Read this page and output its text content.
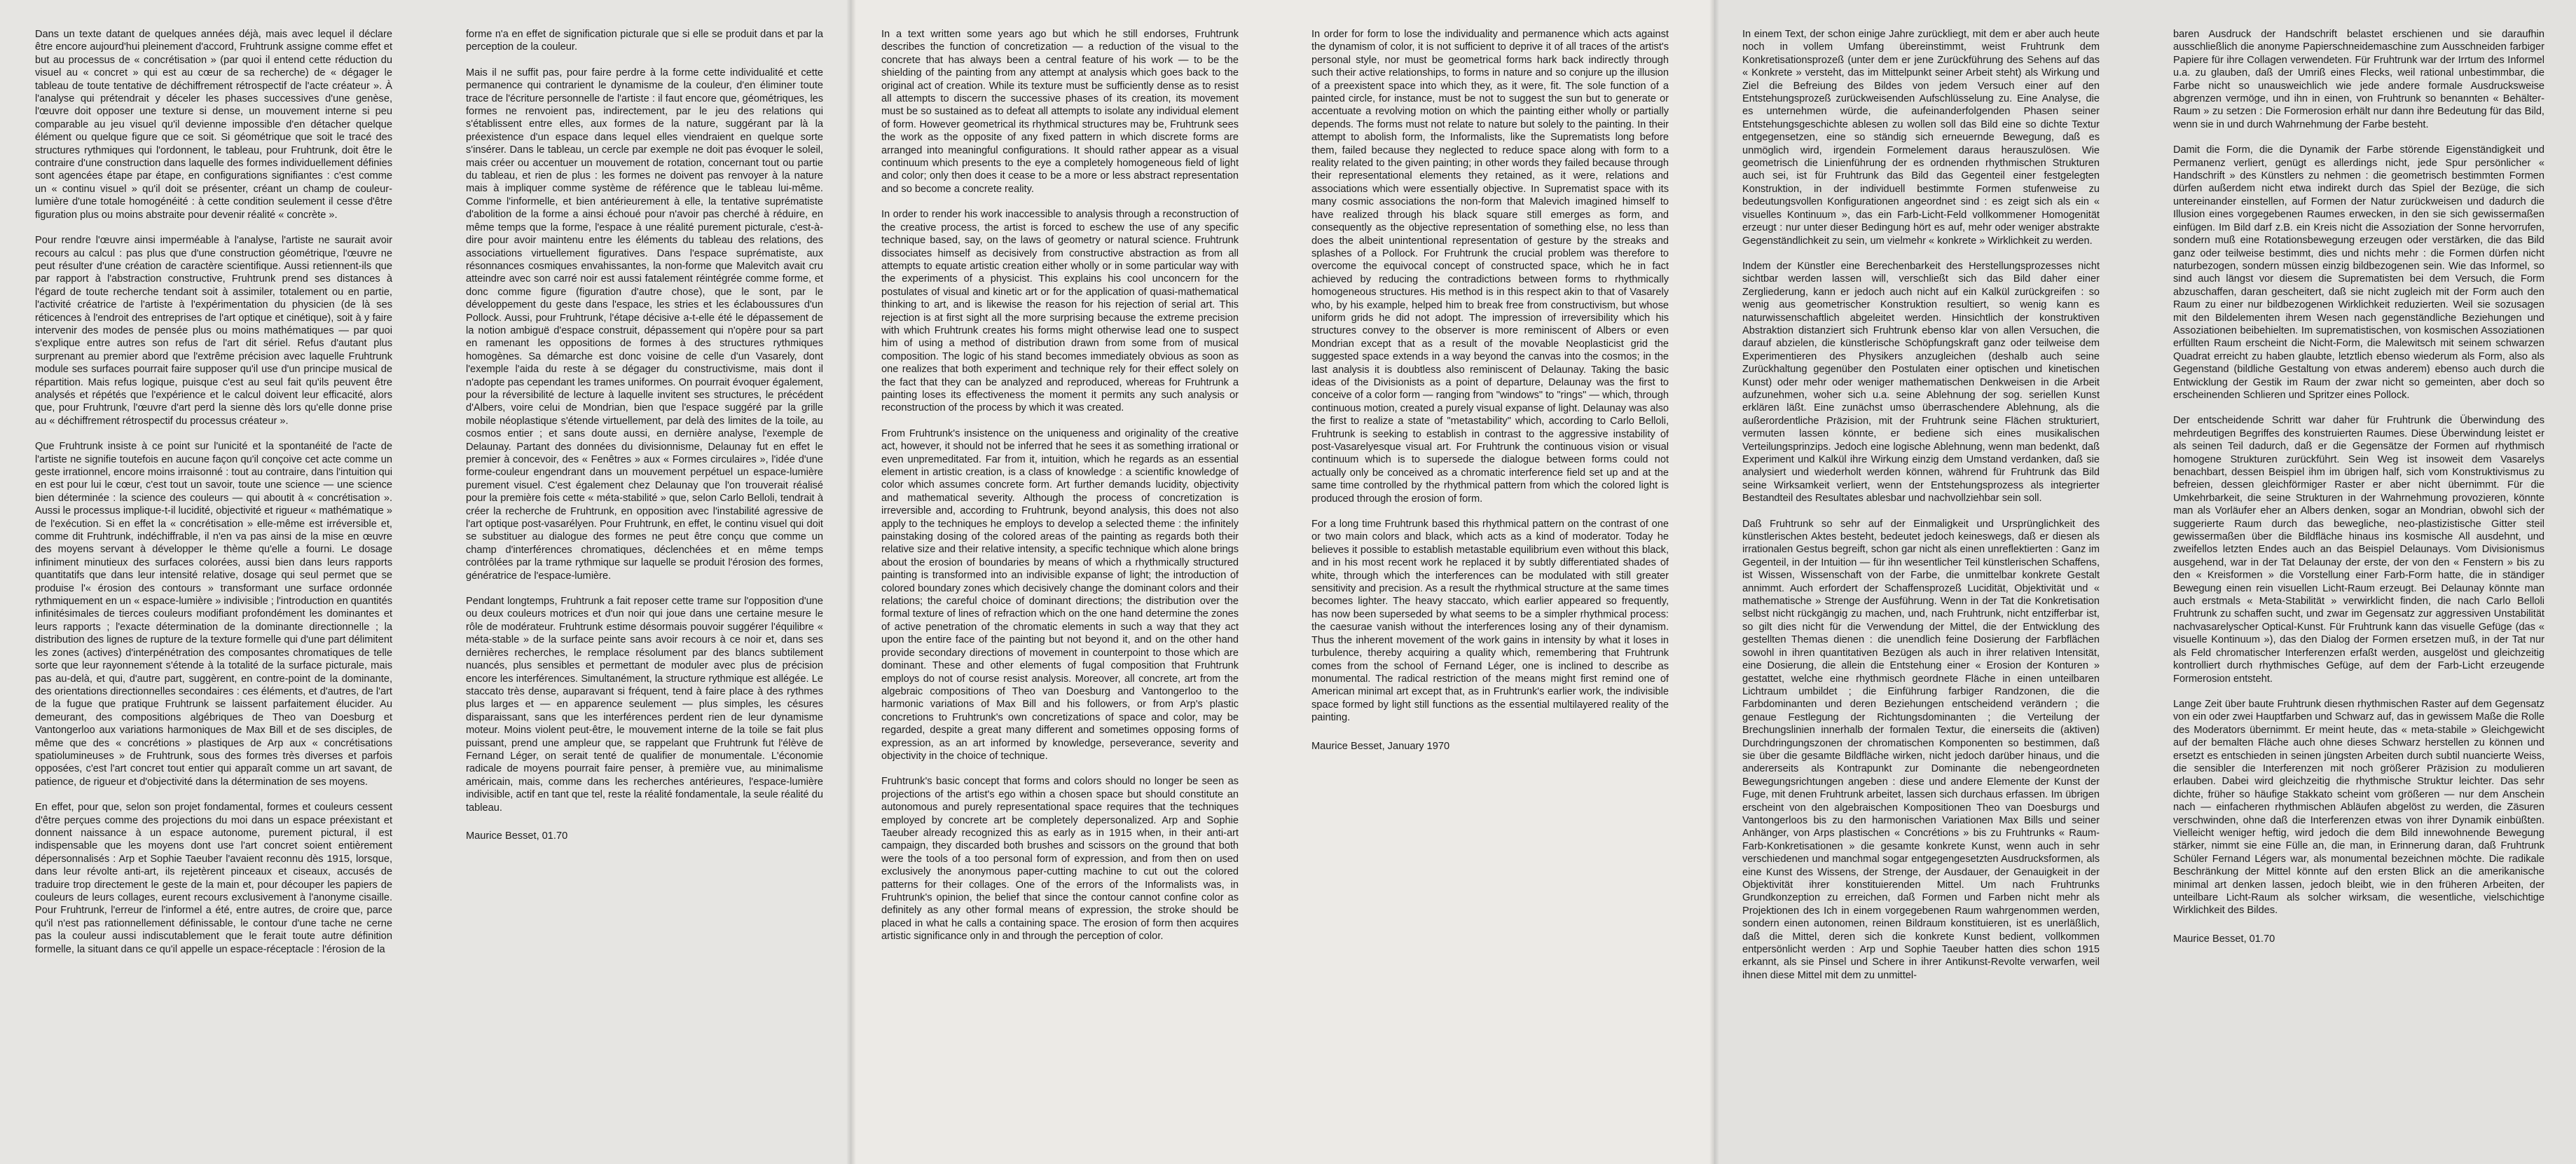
Dans un texte datant de quelques années déjà, mais avec lequel il déclare être encore aujourd'hui pleinement d'accord, Fruhtrunk assigne comme effet et but au processus de « concrétisation » (par quoi il entend cette réduction du visuel au « concret » qui est au cœur de sa recherche) de « dégager le tableau de toute tentative de déchiffrement rétrospectif de l'acte créateur ». À l'analyse qui prétendrait y déceler les phases successives d'une genèse, l'œuvre doit opposer une texture si dense, un mouvement interne si peu comparable au jeu visuel qu'il devienne impossible d'en détacher quelque élément ou quelque figure que ce soit. Si géométrique que soit le tracé des structures rythmiques qui l'ordonnent, le tableau, pour Fruhtrunk, doit être le contraire d'une construction dans laquelle des formes individuellement définies sont agencées étape par étape, en configurations signifiantes : c'est comme un « continu visuel » qu'il doit se présenter, créant un champ de couleur-lumière d'une totale homogénéité : à cette condition seulement il cesse d'être figuration plus ou moins abstraite pour devenir réalité « concrète ».

Pour rendre l'œuvre ainsi imperméable à l'analyse, l'artiste ne saurait avoir recours au calcul : pas plus que d'une construction géométrique, l'œuvre ne peut résulter d'une création de caractère scientifique. Aussi retiennent-ils que par rapport à l'abstraction constructive, Fruhtrunk prend ses distances à l'égard de toute recherche tendant soit à assimiler, totalement ou en partie, l'activité créatrice de l'artiste à l'expérimentation du physicien (de là ses réticences à l'endroit des entreprises de l'art optique et cinétique), soit à y faire intervenir des modes de pensée plus ou moins mathématiques — par quoi s'explique entre autres son refus de l'art dit sériel. Refus d'autant plus surprenant au premier abord que l'extrême précision avec laquelle Fruhtrunk module ses surfaces pourrait faire supposer qu'il use d'un principe musical de répartition. Mais refus logique, puisque c'est au seul fait qu'ils peuvent être analysés et répétés que l'expérience et le calcul doivent leur efficacité, alors que, pour Fruhtrunk, l'œuvre d'art perd la sienne dès lors qu'elle donne prise au « déchiffrement rétrospectif du processus créateur ».

Que Fruhtrunk insiste à ce point sur l'unicité et la spontanéité de l'acte de l'artiste ne signifie toutefois en aucune façon qu'il conçoive cet acte comme un geste irrationnel, encore moins irraisonné : tout au contraire, dans l'intuition qui en est pour lui le cœur, c'est tout un savoir, toute une science — une science bien déterminée : la science des couleurs — qui aboutit à « concrétisation ». Aussi le processus implique-t-il lucidité, objectivité et rigueur « mathématique » de l'exécution. Si en effet la « concrétisation » elle-même est irréversible et, comme dit Fruhtrunk, indéchiffrable, il n'en va pas ainsi de la mise en œuvre des moyens servant à développer le thème qu'elle a fourni. Le dosage infiniment minutieux des surfaces colorées, aussi bien dans leurs rapports quantitatifs que dans leur intensité relative, dosage qui seul permet que se produise l'« érosion des contours » transformant une surface ordonnée rythmiquement en un « espace-lumière » indivisible ; l'introduction en quantités infinitésimales de tierces couleurs modifiant profondément les dominantes et leurs rapports ; l'exacte détermination de la dominante directionnelle ; la distribution des lignes de rupture de la texture formelle qui d'une part délimitent les zones (actives) d'interpénétration des composantes chromatiques de telle sorte que leur rayonnement s'étende à la totalité de la surface picturale, mais pas au-delà, et qui, d'autre part, suggèrent, en contre-point de la dominante, des orientations directionnelles secondaires : ces éléments, et d'autres, de l'art de la fugue que pratique Fruhtrunk se laissent parfaitement élucider. Au demeurant, des compositions algébriques de Theo van Doesburg et Vantongerloo aux variations harmoniques de Max Bill et de ses disciples, de même que des « concrétions » plastiques de Arp aux « concrétisations spatiolumineuses » de Fruhtrunk, sous des formes très diverses et parfois opposées, c'est l'art concret tout entier qui apparaît comme un art savant, de patience, de rigueur et d'objectivité dans la détermination de ses moyens.

En effet, pour que, selon son projet fondamental, formes et couleurs cessent d'être perçues comme des projections du moi dans un espace préexistant et donnent naissance à un espace autonome, purement pictural, il est indispensable que les moyens dont use l'art concret soient entièrement dépersonnalisés : Arp et Sophie Taeuber l'avaient reconnu dès 1915, lorsque, dans leur révolte anti-art, ils rejetèrent pinceaux et ciseaux, accusés de traduire trop directement le geste de la main et, pour découper les papiers de couleurs de leurs collages, eurent recours exclusivement à l'anonyme cisaille. Pour Fruhtrunk, l'erreur de l'informel a été, entre autres, de croire que, parce qu'il n'est pas rationnellement définissable, le contour d'une tache ne cerne pas la couleur aussi indiscutablement que le ferait toute autre définition formelle, la situant dans ce qu'il appelle un espace-réceptacle : l'érosion de la

forme n'a en effet de signification picturale que si elle se produit dans et par la perception de la couleur.

Mais il ne suffit pas, pour faire perdre à la forme cette individualité et cette permanence qui contrarient le dynamisme de la couleur, d'en éliminer toute trace de l'écriture personnelle de l'artiste : il faut encore que, géométriques, les formes ne renvoient pas, indirectement, par le jeu des relations qui s'établissent entre elles, aux formes de la nature, suggérant par là la préexistence d'un espace dans lequel elles viendraient en quelque sorte s'insérer. Dans le tableau, un cercle par exemple ne doit pas évoquer le soleil, mais créer ou accentuer un mouvement de rotation, concernant tout ou partie du tableau, et rien de plus : les formes ne doivent pas renvoyer à la nature mais à impliquer comme système de référence que le tableau lui-même. Comme l'informelle, et bien antérieurement à elle, la tentative suprématiste d'abolition de la forme a ainsi échoué pour n'avoir pas cherché à réduire, en même temps que la forme, l'espace à une réalité purement picturale, c'est-à-dire pour avoir maintenu entre les éléments du tableau des relations, des associations virtuellement figuratives. Dans l'espace suprématiste, aux résonnances cosmiques envahissantes, la non-forme que Malevitch avait cru atteindre avec son carré noir est aussi fatalement réintégrée comme forme, et donc comme figure (figuration d'autre chose), que le sont, par le développement du geste dans l'espace, les stries et les éclaboussures d'un Pollock. Aussi, pour Fruhtrunk, l'étape décisive a-t-elle été le dépassement de la notion ambiguë d'espace construit, dépassement qui n'opère pour sa part en ramenant les oppositions de formes à des structures rythmiques homogènes. Sa démarche est donc voisine de celle d'un Vasarely, dont l'exemple l'aida du reste à se dégager du constructivisme, mais dont il n'adopte pas cependant les trames uniformes. On pourrait évoquer également, pour la réversibilité de lecture à laquelle invitent ses structures, le précédent d'Albers, voire celui de Mondrian, bien que l'espace suggéré par la grille mobile néoplastique s'étende virtuellement, par delà des limites de la toile, au cosmos entier ; et sans doute aussi, en dernière analyse, l'exemple de Delaunay. Partant des données du divisionnisme, Delaunay fut en effet le premier à concevoir, des « Fenêtres » aux « Formes circulaires », l'idée d'une forme-couleur engendrant dans un mouvement perpétuel un espace-lumière purement visuel. C'est également chez Delaunay que l'on trouverait réalisé pour la première fois cette « méta-stabilité » que, selon Carlo Belloli, tendrait à créer la recherche de Fruhtrunk, en opposition avec l'instabilité agressive de l'art optique post-vasarélyen. Pour Fruhtrunk, en effet, le continu visuel qui doit se substituer au dialogue des formes ne peut être conçu que comme un champ d'interférences chromatiques, déclenchées et en même temps contrôlées par la trame rythmique sur laquelle se produit l'érosion des formes, génératrice de l'espace-lumière.

Pendant longtemps, Fruhtrunk a fait reposer cette trame sur l'opposition d'une ou deux couleurs motrices et d'un noir qui joue dans une certaine mesure le rôle de modérateur. Fruhtrunk estime désormais pouvoir suggérer l'équilibre « méta-stable » de la surface peinte sans avoir recours à ce noir et, dans ses dernières recherches, le remplace résolument par des blancs subtilement nuancés, plus sensibles et permettant de moduler avec plus de précision encore les interférences. Simultanément, la structure rythmique est allégée. Le staccato très dense, auparavant si fréquent, tend à faire place à des rythmes plus larges et — en apparence seulement — plus simples, les césures disparaissant, sans que les interférences perdent rien de leur dynamisme moteur. Moins violent peut-être, le mouvement interne de la toile se fait plus puissant, prend une ampleur que, se rappelant que Fruhtrunk fut l'élève de Fernand Léger, on serait tenté de qualifier de monumentale. L'économie radicale de moyens pourrait faire penser, à première vue, au minimalisme américain, mais, comme dans les recherches antérieures, l'espace-lumière indivisible, actif en tant que tel, reste la réalité fondamentale, la seule réalité du tableau.

Maurice Besset, 01.70

In a text written some years ago but which he still endorses, Fruhtrunk describes the function of concretization — a reduction of the visual to the concrete that has always been a central feature of his work — to be the shielding of the painting from any attempt at analysis which goes back to the original act of creation. While its texture must be sufficiently dense as to resist all attempts to discern the successive phases of its creation, its movement must be so sustained as to defeat all attempts to isolate any individual element of form. However geometrical its rhythmical structures may be, Fruhtrunk sees the work as the opposite of any fixed pattern in which discrete forms are arranged into meaningful configurations. It should rather appear as a visual continuum which presents to the eye a completely homogeneous field of light and color; only then does it cease to be a more or less abstract representation and so become a concrete reality.

In order to render his work inaccessible to analysis through a reconstruction of the creative process, the artist is forced to eschew the use of any specific technique based, say, on the laws of geometry or natural science. Fruhtrunk dissociates himself as decisively from constructive abstraction as from all attempts to equate artistic creation either wholly or in some particular way with the experiments of a physicist. This explains his cool unconcern for the postulates of visual and kinetic art or for the application of quasi-mathematical thinking to art, and is likewise the reason for his rejection of serial art. This rejection is at first sight all the more surprising because the extreme precision with which Fruhtrunk creates his forms might otherwise lead one to suspect him of using a method of distribution drawn from some from of musical composition. The logic of his stand becomes immediately obvious as soon as one realizes that both experiment and technique rely for their effect solely on the fact that they can be analyzed and reproduced, whereas for Fruhtrunk a painting loses its effectiveness the moment it permits any such analysis or reconstruction of the process by which it was created.

From Fruhtrunk's insistence on the uniqueness and originality of the creative act, however, it should not be inferred that he sees it as something irrational or even unpremeditated. Far from it, intuition, which he regards as an essential element in artistic creation, is a class of knowledge : a scientific knowledge of color which assumes concrete form. Art further demands lucidity, objectivity and mathematical severity. Although the process of concretization is irreversible and, according to Fruhtrunk, beyond analysis, this does not also apply to the techniques he employs to develop a selected theme : the infinitely painstaking dosing of the colored areas of the painting as regards both their relative size and their relative intensity, a specific technique which alone brings about the erosion of boundaries by means of which a rhythmically structured painting is transformed into an indivisible expanse of light; the introduction of colored boundary zones which decisively change the dominant colors and their relations; the careful choice of dominant directions; the distribution over the formal texture of lines of refraction which on the one hand determine the zones of active penetration of the chromatic elements in such a way that they act upon the entire face of the painting but not beyond it, and on the other hand provide secondary directions of movement in counterpoint to those which are dominant. These and other elements of fugal composition that Fruhtrunk employs do not of course resist analysis. Moreover, all concrete, art from the algebraic compositions of Theo van Doesburg and Vantongerloo to the harmonic variations of Max Bill and his followers, or from Arp's plastic concretions to Fruhtrunk's own concretizations of space and color, may be regarded, despite a great many different and sometimes opposing forms of expression, as an art informed by knowledge, perseverance, severity and objectivity in the choice of technique.

Fruhtrunk's basic concept that forms and colors should no longer be seen as projections of the artist's ego within a chosen space but should constitute an autonomous and purely representational space requires that the techniques employed by concrete art be completely depersonalized. Arp and Sophie Taeuber already recognized this as early as in 1915 when, in their anti-art campaign, they discarded both brushes and scissors on the ground that both were the tools of a too personal form of expression, and from then on used exclusively the anonymous paper-cutting machine to cut out the colored patterns for their collages. One of the errors of the Informalists was, in Fruhtrunk's opinion, the belief that since the contour cannot confine color as definitely as any other formal means of expression, the stroke should be placed in what he calls a containing space. The erosion of form then acquires artistic significance only in and through the perception of color.

In order for form to lose the individuality and permanence which acts against the dynamism of color, it is not sufficient to deprive it of all traces of the artist's personal style, nor must be geometrical forms hark back indirectly through such their active relationships, to forms in nature and so conjure up the illusion of a preexistent space into which they, as it were, fit. The sole function of a painted circle, for instance, must be not to suggest the sun but to generate or accentuate a revolving motion on which the painting either wholly or partially depends. The forms must not relate to nature but solely to the painting. In their attempt to abolish form, the Informalists, like the Suprematists long before them, failed because they neglected to reduce space along with form to a reality related to the given painting; in other words they failed because through their representational elements they retained, as it were, relations and associations which were essentially objective. In Suprematist space with its many cosmic associations the non-form that Malevich imagined himself to have realized through his black square still emerges as form, and consequently as the objective representation of something else, no less than does the albeit unintentional representation of gesture by the streaks and splashes of a Pollock. For Fruhtrunk the crucial problem was therefore to overcome the equivocal concept of constructed space, which he in fact achieved by reducing the contradictions between forms to rhythmically homogeneous structures. His method is in this respect akin to that of Vasarely who, by his example, helped him to break free from constructivism, but whose uniform grids he did not adopt. The impression of irreversibility which his structures convey to the observer is more reminiscent of Albers or even Mondrian except that as a result of the movable Neoplasticist grid the suggested space extends in a way beyond the canvas into the cosmos; in the last analysis it is doubtless also reminiscent of Delaunay. Taking the basic ideas of the Divisionists as a point of departure, Delaunay was the first to conceive of a color form — ranging from "windows" to "rings" — which, through continuous motion, created a purely visual expanse of light. Delaunay was also the first to realize a state of "metastability" which, according to Carlo Belloli, Fruhtrunk is seeking to establish in contrast to the aggressive instability of post-Vasarelyesque visual art. For Fruhtrunk the continuous vision or visual continuum which is to supersede the dialogue between forms could not actually only be conceived as a chromatic interference field set up and at the same time controlled by the rhythmical pattern from which the colored light is produced through the erosion of form.

For a long time Fruhtrunk based this rhythmical pattern on the contrast of one or two main colors and black, which acts as a kind of moderator. Today he believes it possible to establish metastable equilibrium even without this black, and in his most recent work he replaced it by subtly differentiated shades of white, through which the interferences can be modulated with still greater sensitivity and precision. As a result the rhythmical structure at the same times becomes lighter. The heavy staccato, which earlier appeared so frequently, has now been superseded by what seems to be a simpler rhythmical process: the caesurae vanish without the interferences losing any of their dynamism. Thus the inherent movement of the work gains in intensity by what it loses in turbulence, thereby acquiring a quality which, remembering that Fruhtrunk comes from the school of Fernand Léger, one is inclined to describe as monumental. The radical restriction of the means might first remind one of American minimal art except that, as in Fruhtrunk's earlier work, the indivisible space formed by light still functions as the essential multilayered reality of the painting.

Maurice Besset, January 1970

In einem Text, der schon einige Jahre zurückliegt, mit dem er aber auch heute noch in vollem Umfang übereinstimmt, weist Fruhtrunk dem Konkretisationsprozeß (unter dem er jene Zurückführung des Sehens auf das « Konkrete » versteht, das im Mittelpunkt seiner Arbeit steht) als Wirkung und Ziel die Befreiung des Bildes von jedem Versuch einer auf den Entstehungsprozeß zurückweisenden Aufschlüsselung zu. Eine Analyse, die es unternehmen würde, die aufeinanderfolgenden Phasen seiner Entstehungsgeschichte ablesen zu wollen soll das Bild eine so dichte Textur entgegensetzen, eine so ständig sich erneuernde Bewegung, daß es unmöglich wird, irgendein Formelement daraus herauszulösen. Wie geometrisch die Linienführung der es ordnenden rhythmischen Strukturen auch sei, ist für Fruhtrunk das Bild das Gegenteil einer festgelegten Konstruktion, in der individuell bestimmte Formen stufenweise zu bedeutungsvollen Konfigurationen angeordnet sind : es zeigt sich als ein « visuelles Kontinuum », das ein Farb-Licht-Feld vollkommener Homogenität erzeugt : nur unter dieser Bedingung hört es auf, mehr oder weniger abstrakte Gegenständlichkeit zu sein, um vielmehr « konkrete » Wirklichkeit zu werden.

Indem der Künstler eine Berechenbarkeit des Herstellungsprozesses nicht sichtbar werden lassen will, verschließt sich das Bild daher einer Zergliederung, kann er jedoch auch nicht auf ein Kalkül zurückgreifen : so wenig aus geometrischer Konstruktion resultiert, so wenig kann es naturwissenschaftlich abgeleitet werden. Hinsichtlich der konstruktiven Abstraktion distanziert sich Fruhtrunk ebenso klar von allen Versuchen, die darauf abzielen, die künstlerische Schöpfungskraft ganz oder teilweise dem Experimentieren des Physikers anzugleichen (deshalb auch seine Zurückhaltung gegenüber den Postulaten einer optischen und kinetischen Kunst) oder mehr oder weniger mathematischen Denkweisen in die Arbeit aufzunehmen, woher sich u.a. seine Ablehnung der sog. seriellen Kunst erklären läßt. Eine zunächst umso überraschendere Ablehnung, als die außerordentliche Präzision, mit der Fruhtrunk seine Flächen strukturiert, vermuten lassen könnte, er bediene sich eines musikalischen Verteilungsprinzips. Jedoch eine logische Ablehnung, wenn man bedenkt, daß Experiment und Kalkül ihre Wirkung einzig dem Umstand verdanken, daß sie analysiert und wiederholt werden können, während für Fruhtrunk das Bild seine Wirksamkeit verliert, wenn der Entstehungsprozess als integrierter Bestandteil des Resultates ablesbar und nachvollziehbar sein soll.

Daß Fruhtrunk so sehr auf der Einmaligkeit und Ursprünglichkeit des künstlerischen Aktes besteht, bedeutet jedoch keineswegs, daß er diesen als irrationalen Gestus begreift, schon gar nicht als einen unreflektierten : Ganz im Gegenteil, in der Intuition — für ihn wesentlicher Teil künstlerischen Schaffens, ist Wissen, Wissenschaft von der Farbe, die unmittelbar konkrete Gestalt annimmt. Auch erfordert der Schaffensprozeß Lucidität, Objektivität und « mathematische » Strenge der Ausführung. Wenn in der Tat die Konkretisation selbst nicht rückgängig zu machen, und, nach Fruhtrunk, nicht entzifferbar ist, so gilt dies nicht für die Verwendung der Mittel, die der Entwicklung des gestellten Themas dienen : die unendlich feine Dosierung der Farbflächen sowohl in ihren quantitativen Bezügen als auch in ihrer relativen Intensität, eine Dosierung, die allein die Entstehung einer « Erosion der Konturen » gestattet, welche eine rhythmisch geordnete Fläche in einen unteilbaren Lichtraum umbildet ; die Einführung farbiger Randzonen, die die Farbdominanten und deren Beziehungen entscheidend verändern ; die genaue Festlegung der Richtungsdominanten ; die Verteilung der Brechungslinien innerhalb der formalen Textur, die einerseits die (aktiven) Durchdringungszonen der chromatischen Komponenten so bestimmen, daß sie über die gesamte Bildfläche wirken, nicht jedoch darüber hinaus, und die andererseits als Kontrapunkt zur Dominante die nebengeordneten Bewegungsrichtungen angeben : diese und andere Elemente der Kunst der Fuge, mit denen Fruhtrunk arbeitet, lassen sich durchaus erfassen. Im übrigen erscheint von den algebraischen Kompositionen Theo van Doesburgs und Vantongerloos bis zu den harmonischen Variationen Max Bills und seiner Anhänger, von Arps plastischen « Concrétions » bis zu Fruhtrunks « Raum-Farb-Konkretisationen » die gesamte konkrete Kunst, wenn auch in sehr verschiedenen und manchmal sogar entgegengesetzten Ausdrucksformen, als eine Kunst des Wissens, der Strenge, der Ausdauer, der Genauigkeit in der Objektivität ihrer konstituierenden Mittel. Um nach Fruhtrunks Grundkonzeption zu erreichen, daß Formen und Farben nicht mehr als Projektionen des Ich in einem vorgegebenen Raum wahrgenommen werden, sondern einen autonomen, reinen Bildraum konstituieren, ist es unerläßlich, daß die Mittel, deren sich die konkrete Kunst bedient, vollkommen entpersönlicht werden : Arp und Sophie Taeuber hatten dies schon 1915 erkannt, als sie Pinsel und Schere in ihrer Antikunst-Revolte verwarfen, weil ihnen diese Mittel mit dem zu unmittel-

baren Ausdruck der Handschrift belastet erschienen und sie daraufhin ausschließlich die anonyme Papierschneidemaschine zum Ausschneiden farbiger Papiere für ihre Collagen verwendeten. Für Fruhtrunk war der Irrtum des Informel u.a. zu glauben, daß der Umriß eines Flecks, weil rational unbestimmbar, die Farbe nicht so unausweichlich wie jede andere formale Ausdrucksweise abgrenzen vermöge, und ihn in einen, von Fruhtrunk so benannten « Behälter-Raum » zu setzen : Die Formerosion erhält nur dann ihre Bedeutung für das Bild, wenn sie in und durch Wahrnehmung der Farbe besteht.

Damit die Form, die die Dynamik der Farbe störende Eigenständigkeit und Permanenz verliert, genügt es allerdings nicht, jede Spur persönlicher « Handschrift » des Künstlers zu nehmen : die geometrisch bestimmten Formen dürfen außerdem nicht etwa indirekt durch das Spiel der Bezüge, die sich untereinander einstellen, auf Formen der Natur zurückweisen und dadurch die Illusion eines vorgegebenen Raumes erwecken, in den sie sich gewissermaßen einfügen. Im Bild darf z.B. ein Kreis nicht die Assoziation der Sonne hervorrufen, sondern muß eine Rotationsbewegung erzeugen oder verstärken, die das Bild ganz oder teilweise bestimmt, dies und nichts mehr : die Formen dürfen nicht naturbezogen, sondern müssen einzig bildbezogenen sein. Wie das Informel, so sind auch längst vor diesem die Suprematisten bei dem Versuch, die Form abzuschaffen, daran gescheitert, daß sie nicht zugleich mit der Form auch den Raum zu einer nur bildbezogenen Wirklichkeit reduzierten. Weil sie sozusagen mit den Bildelementen ihrem Wesen nach gegenständliche Beziehungen und Assoziationen beibehielten. Im suprematistischen, von kosmischen Assoziationen erfüllten Raum erscheint die Nicht-Form, die Malewitsch mit seinem schwarzen Quadrat erreicht zu haben glaubte, letztlich ebenso wiederum als Form, also als Gegenstand (bildliche Gestaltung von etwas anderem) ebenso auch durch die Entwicklung der Gestik im Raum der zwar nicht so gemeinten, aber doch so erscheinenden Schlieren und Spritzer eines Pollock.

Der entscheidende Schritt war daher für Fruhtrunk die Überwindung des mehrdeutigen Begriffes des konstruierten Raumes. Diese Überwindung leistet er als seinen Teil dadurch, daß er die Gegensätze der Formen auf rhythmisch homogene Strukturen zurückführt. Sein Weg ist insoweit dem Vasarelys benachbart, dessen Beispiel ihm im übrigen half, sich vom Konstruktivismus zu befreien, dessen gleichförmiger Raster er aber nicht übernimmt. Für die Umkehrbarkeit, die seine Strukturen in der Wahrnehmung provozieren, könnte man als Vorläufer eher an Albers denken, sogar an Mondrian, obwohl sich der suggerierte Raum durch das bewegliche, neo-plastizistische Gitter steil gewissermaßen über die Bildfläche hinaus ins kosmische All ausdehnt, und zweifellos letzten Endes auch an das Beispiel Delaunays. Vom Divisionismus ausgehend, war in der Tat Delaunay der erste, der von den « Fenstern » bis zu den « Kreisformen » die Vorstellung einer Farb-Form hatte, die in ständiger Bewegung einen rein visuellen Licht-Raum erzeugt. Bei Delaunay könnte man auch erstmals « Meta-Stabilität » verwirklicht finden, die nach Carlo Belloli Fruhtrunk zu schaffen sucht, und zwar im Gegensatz zur aggressiven Unstabilität nachvasarelyscher Optical-Kunst. Für Fruhtrunk kann das visuelle Gefüge (das « visuelle Kontinuum »), das den Dialog der Formen ersetzen muß, in der Tat nur als Feld chromatischer Interferenzen erfaßt werden, ausgelöst und gleichzeitig kontrolliert durch rhythmisches Gefüge, auf dem der Farb-Licht erzeugende Formerosion entsteht.

Lange Zeit über baute Fruhtrunk diesen rhythmischen Raster auf dem Gegensatz von ein oder zwei Hauptfarben und Schwarz auf, das in gewissem Maße die Rolle des Moderators übernimmt. Er meint heute, das « meta-stabile » Gleichgewicht auf der bemalten Fläche auch ohne dieses Schwarz herstellen zu können und ersetzt es entschieden in seinen jüngsten Arbeiten durch subtil nuancierte Weiss, die sensibler die Interferenzen mit noch größerer Präzision zu modulieren erlauben. Dabei wird gleichzeitig die rhythmische Struktur leichter. Das sehr dichte, früher so häufige Stakkato scheint vom größeren — nur dem Anschein nach — einfacheren rhythmischen Abläufen abgelöst zu werden, die Zäsuren verschwinden, ohne daß die Interferenzen etwas von ihrer Dynamik einbüßten. Vielleicht weniger heftig, wird jedoch die dem Bild innewohnende Bewegung stärker, nimmt sie eine Fülle an, die man, in Erinnerung daran, daß Fruhtrunk Schüler Fernand Légers war, als monumental bezeichnen möchte. Die radikale Beschränkung der Mittel könnte auf den ersten Blick an die amerikanische minimal art denken lassen, jedoch bleibt, wie in den früheren Arbeiten, der unteilbare Licht-Raum als solcher wirksam, die wesentliche, vielschichtige Wirklichkeit des Bildes.

Maurice Besset, 01.70
